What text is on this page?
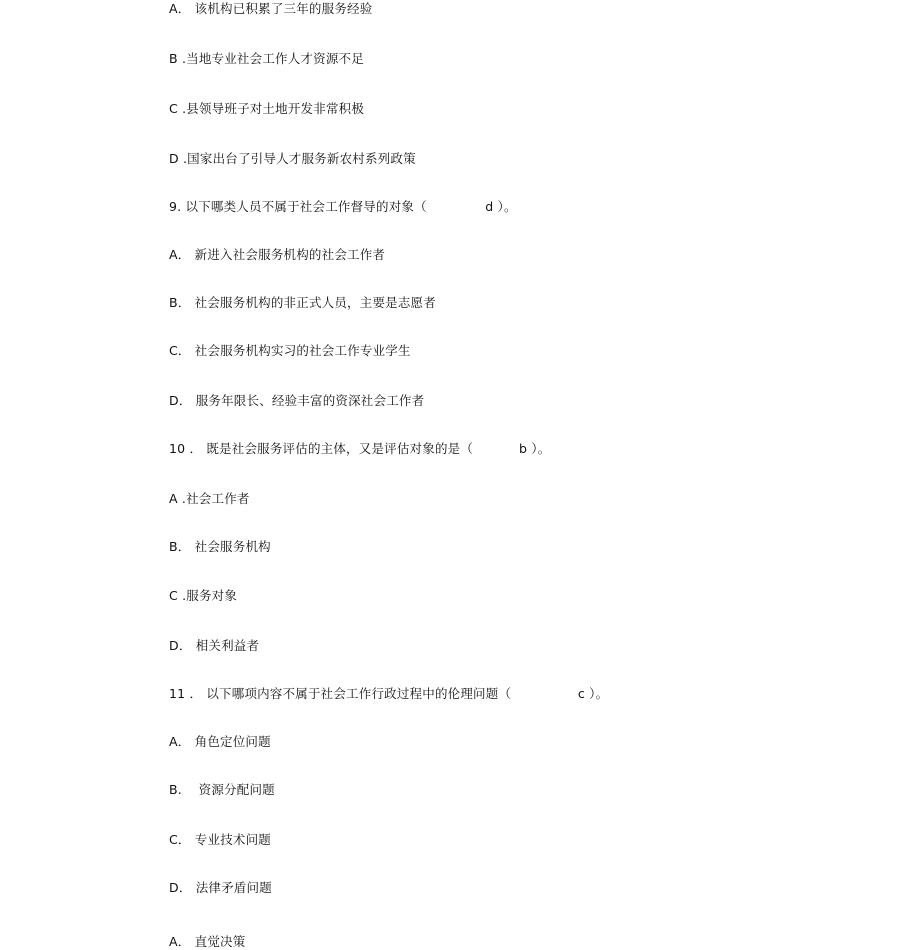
A． 该机构已积累了三年的服务经验
B .当地专业社会工作人才资源不足
C .县领导班子对土地开发非常积极
D .国家出台了引导人才服务新农村系列政策
9. 以下哪类人员不属于社会工作督导的对象（              d ）。
A． 新进入社会服务机构的社会工作者
B． 社会服务机构的非正式人员，主要是志愿者
C． 社会服务机构实习的社会工作专业学生
D． 服务年限长、经验丰富的资深社会工作者
10 ． 既是社会服务评估的主体，又是评估对象的是（           b ）。
A .社会工作者
B． 社会服务机构
C .服务对象
D． 相关利益者
11 ． 以下哪项内容不属于社会工作行政过程中的伦理问题（                c ）。
A． 角色定位问题
B.    资源分配问题
C． 专业技术问题
D． 法律矛盾问题
A． 直觉决策
